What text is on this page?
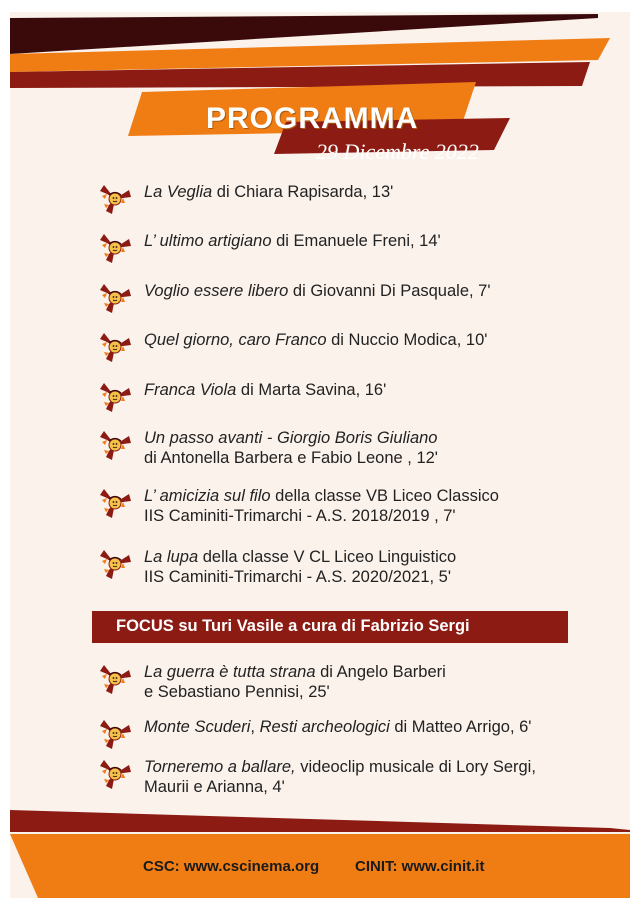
PROGRAMMA
29 Dicembre 2022
La Veglia di Chiara Rapisarda, 13'
L’ ultimo artigiano di Emanuele Freni, 14'
Voglio essere libero di Giovanni Di Pasquale, 7'
Quel giorno, caro Franco di Nuccio Modica, 10'
Franca Viola di Marta Savina, 16'
Un passo avanti - Giorgio Boris Giuliano
di Antonella Barbera e Fabio Leone , 12'
L’ amicizia sul filo della classe VB Liceo Classico
IIS Caminiti-Trimarchi - A.S. 2018/2019 , 7'
La lupa della classe V CL Liceo Linguistico
IIS Caminiti-Trimarchi - A.S. 2020/2021, 5'
FOCUS su Turi Vasile a cura di Fabrizio Sergi
La guerra è tutta strana di Angelo Barberi
e Sebastiano Pennisi, 25'
Monte Scuderi, Resti archeologici di Matteo Arrigo, 6'
Torneremo a ballare, videoclip musicale di Lory Sergi,
Maurii e Arianna, 4'
CSC: www.cscinema.org CINIT: www.cinit.it
